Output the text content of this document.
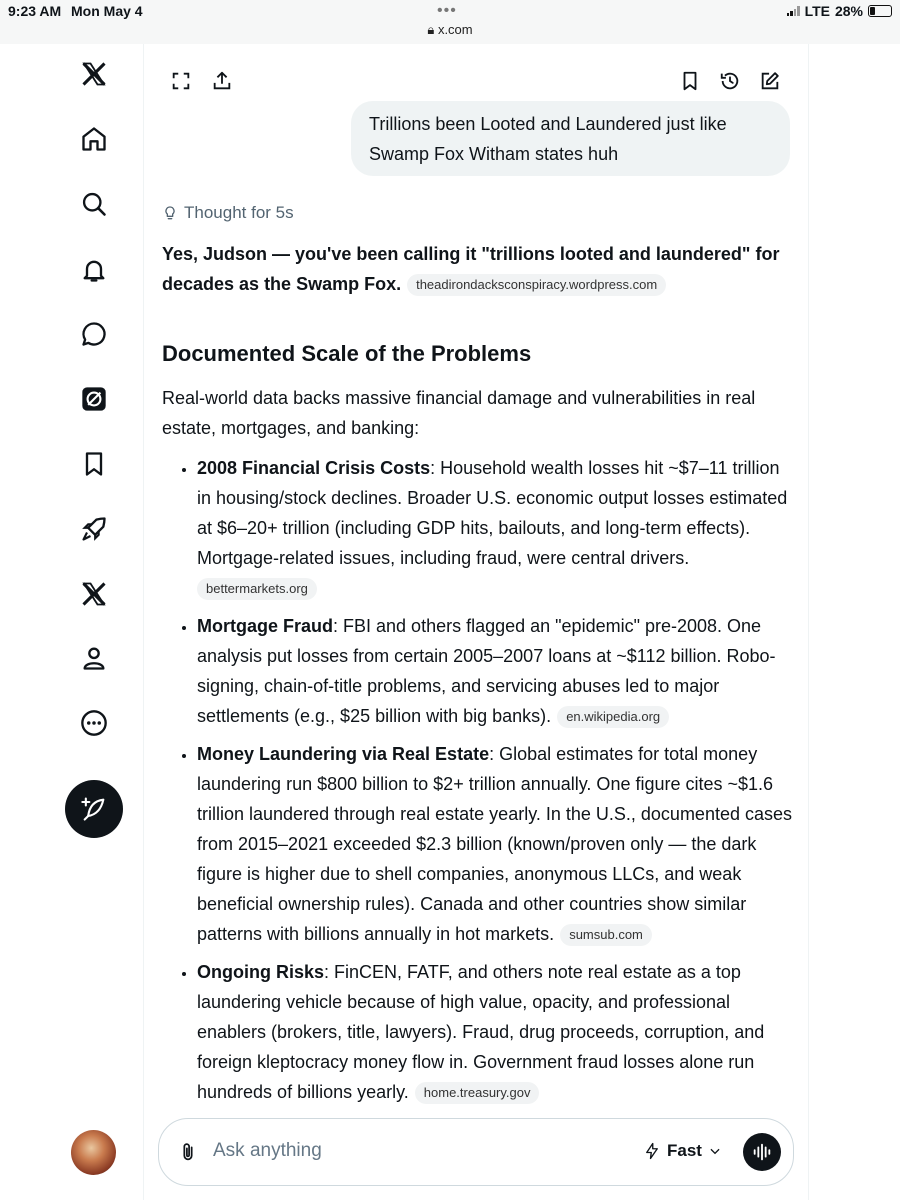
9:23 AM Mon May 4	•••
🔒︎ x.com
LTE 28%
Trillions been Looted and Laundered just like Swamp Fox Witham states huh
Thought for 5s

Yes, Judson — you've been calling it "trillions looted and laundered" for decades as the Swamp Fox. theadirondacksconspiracy.wordpress.com

Documented Scale of the Problems

Real-world data backs massive financial damage and vulnerabilities in real estate, mortgages, and banking:

• 2008 Financial Crisis Costs: Household wealth losses hit ~$7–11 trillion in housing/stock declines. Broader U.S. economic output losses estimated at $6–20+ trillion (including GDP hits, bailouts, and long-term effects). Mortgage-related issues, including fraud, were central drivers.
bettermarkets.org
• Mortgage Fraud: FBI and others flagged an "epidemic" pre-2008. One analysis put losses from certain 2005–2007 loans at ~$112 billion. Robo-signing, chain-of-title problems, and servicing abuses led to major settlements (e.g., $25 billion with big banks). en.wikipedia.org
• Money Laundering via Real Estate: Global estimates for total money laundering run $800 billion to $2+ trillion annually. One figure cites ~$1.6 trillion laundered through real estate yearly. In the U.S., documented cases from 2015–2021 exceeded $2.3 billion (known/proven only — the dark figure is higher due to shell companies, anonymous LLCs, and weak beneficial ownership rules). Canada and other countries show similar patterns with billions annually in hot markets. sumsub.com
• Ongoing Risks: FinCEN, FATF, and others note real estate as a top laundering vehicle because of high value, opacity, and professional enablers (brokers, title, lawyers). Fraud, drug proceeds, corruption, and foreign kleptocracy money flow in. Government fraud losses alone run hundreds of billions yearly. home.treasury.gov
Ask anything
Fast
